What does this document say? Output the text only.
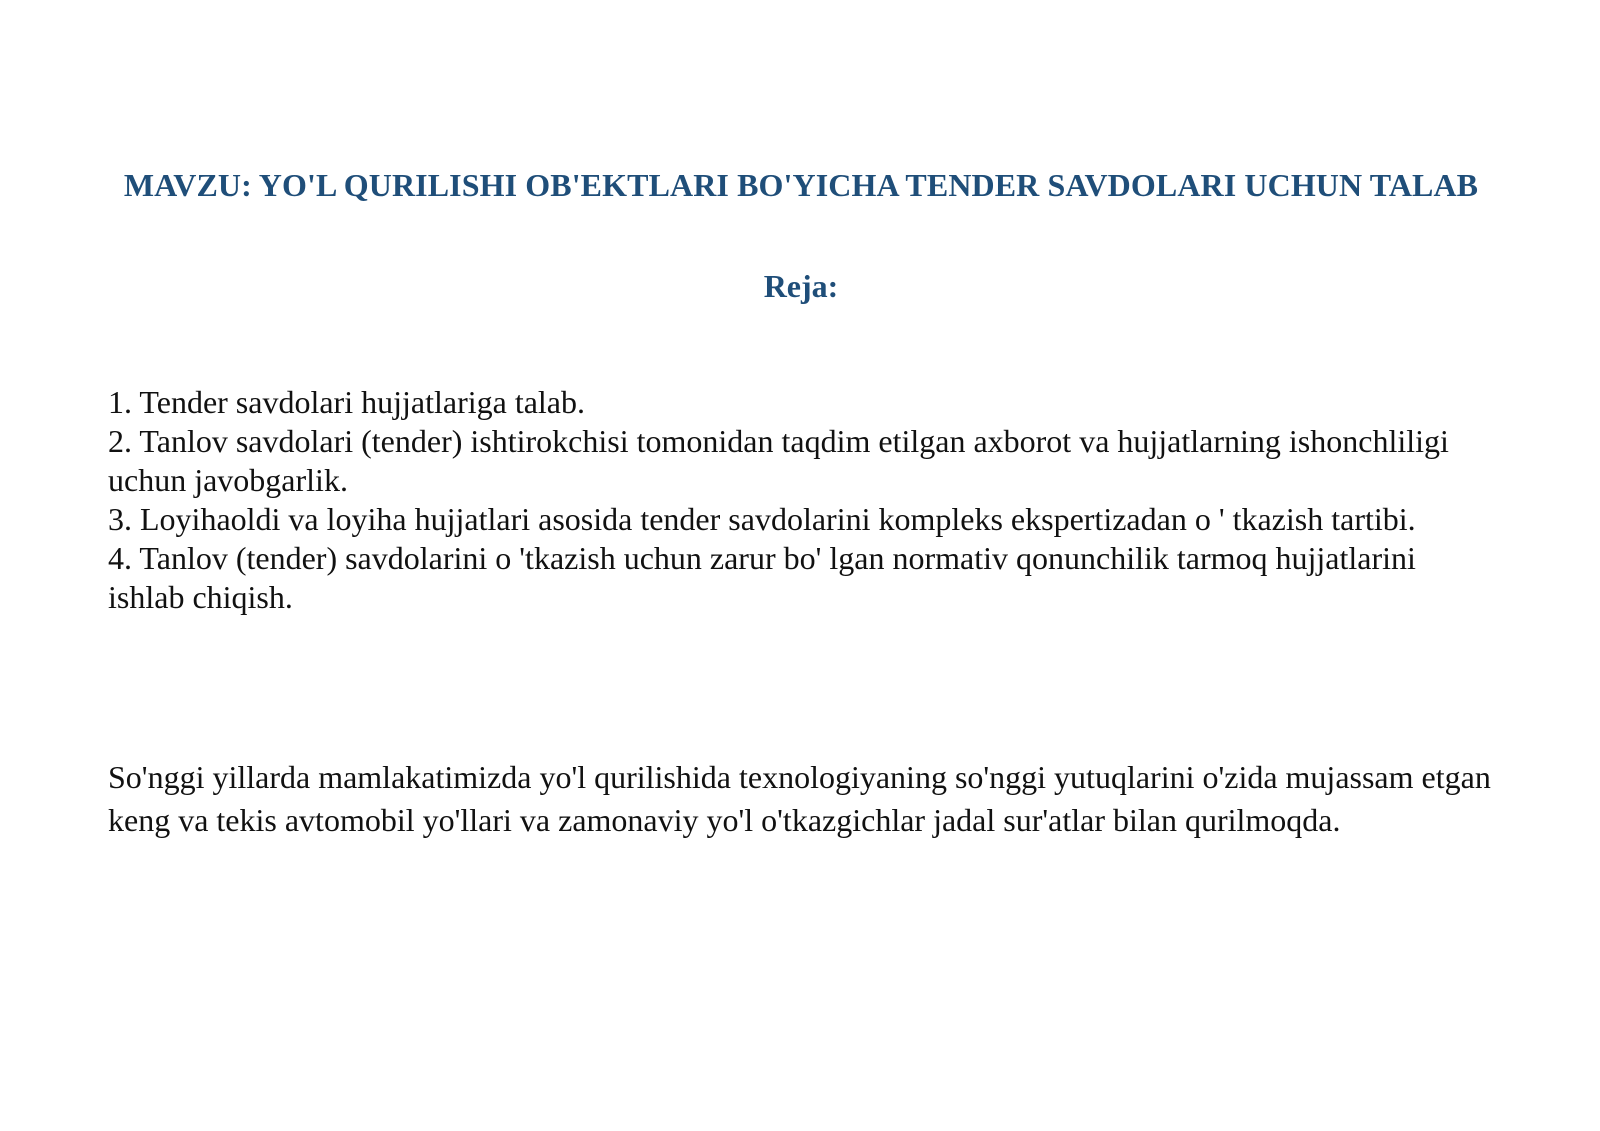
MAVZU: YO'L QURILISHI OB'EKTLARI BO'YICHA TENDER SAVDOLARI UCHUN TALAB
Reja:
1. Tender savdolari hujjatlariga talab.
2. Tanlov savdolari (tender) ishtirokchisi tomonidan taqdim etilgan axborot va hujjatlarning ishonchliligi uchun javobgarlik.
3. Loyihaoldi va loyiha hujjatlari asosida tender savdolarini kompleks ekspertizadan o ' tkazish tartibi.
4. Tanlov (tender) savdolarini o 'tkazish uchun zarur bo' lgan normativ qonunchilik tarmoq hujjatlarini ishlab chiqish.

So'nggi yillarda mamlakatimizda yo'l qurilishida texnologiyaning so'nggi yutuqlarini o'zida mujassam etgan keng va tekis avtomobil yo'llari va zamonaviy yo'l o'tkazgichlar jadal sur'atlar bilan qurilmoqda.
